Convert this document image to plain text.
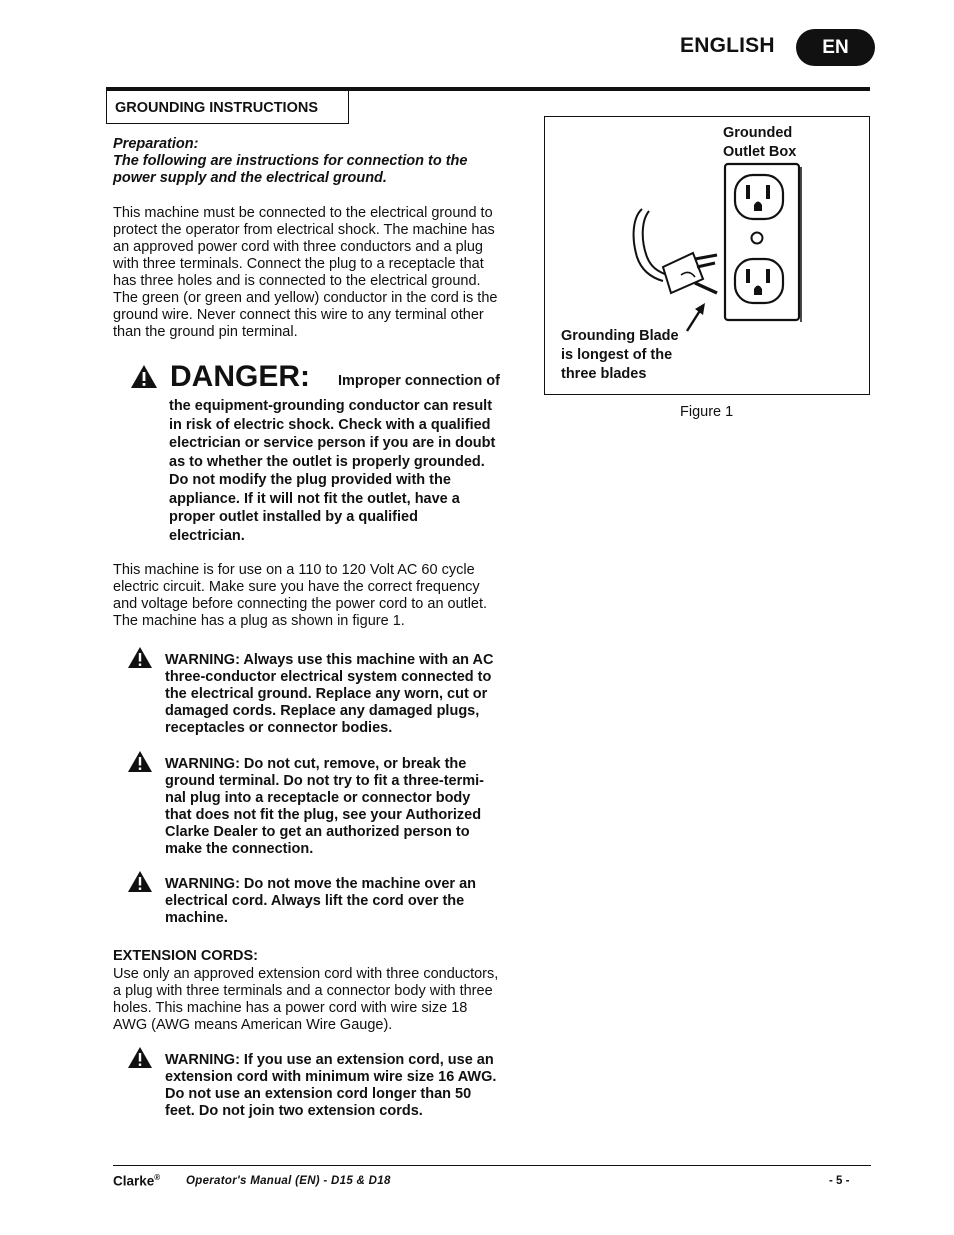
ENGLISH	EN
GROUNDING INSTRUCTIONS
Preparation:
The following are instructions for connection to the
power supply and the electrical ground.
This machine must be connected to the electrical ground to
protect the operator from electrical shock. The machine has
an approved power cord with three conductors and a plug
with three terminals. Connect the plug to a receptacle that
has three holes and is connected to the electrical ground.
The green (or green and yellow) conductor in the cord is the
ground wire. Never connect this wire to any terminal other
than the ground pin terminal.
DANGER: Improper connection of
the equipment-grounding conductor can result
in risk of electric shock. Check with a qualified
electrician or service person if you are in doubt
as to whether the outlet is properly grounded.
Do not modify the plug provided with the
appliance. If it will not fit the outlet, have a
proper outlet installed by a qualified
electrician.
This machine is for use on a 110 to 120 Volt AC 60 cycle
electric circuit. Make sure you have the correct frequency
and voltage before connecting the power cord to an outlet.
The machine has a plug as shown in figure 1.
WARNING: Always use this machine with an AC
three-conductor electrical system connected to
the electrical ground. Replace any worn, cut or
damaged cords. Replace any damaged plugs,
receptacles or connector bodies.
WARNING: Do not cut, remove, or break the
ground terminal. Do not try to fit a three-termi-
nal plug into a receptacle or connector body
that does not fit the plug, see your Authorized
Clarke Dealer to get an authorized person to
make the connection.
WARNING: Do not move the machine over an
electrical cord. Always lift the cord over the
machine.
EXTENSION CORDS:
Use only an approved extension cord with three conductors,
a plug with three terminals and a connector body with three
holes. This machine has a power cord with wire size 18
AWG (AWG means American Wire Gauge).
WARNING: If you use an extension cord, use an
extension cord with minimum wire size 16 AWG.
Do not use an extension cord longer than 50
feet. Do not join two extension cords.
Grounded
Outlet Box
Grounding Blade
is longest of the
three blades
Figure 1
Clarke® Operator's Manual (EN) - D15 & D18	- 5 -
